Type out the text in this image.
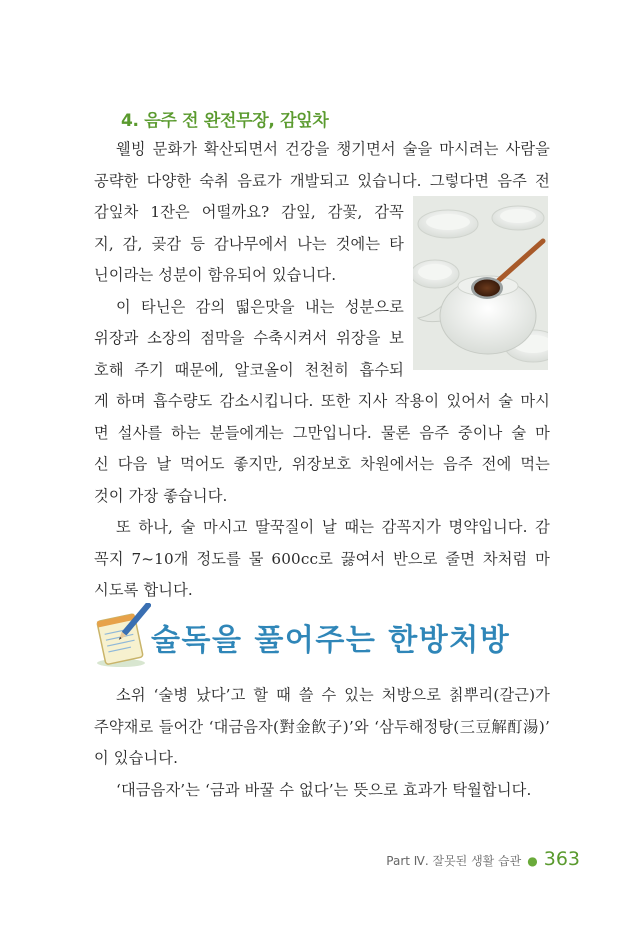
4. 음주 전 완전무장, 감잎차
웰빙 문화가 확산되면서 건강을 챙기면서 술을 마시려는 사람을
공략한 다양한 숙취 음료가 개발되고 있습니다. 그렇다면 음주 전
감잎차 1잔은 어떨까요? 감잎, 감꽃, 감꼭
지, 감, 곶감 등 감나무에서 나는 것에는 타
닌이라는 성분이 함유되어 있습니다.
이 타닌은 감의 떫은맛을 내는 성분으로
위장과 소장의 점막을 수축시켜서 위장을 보
호해 주기 때문에, 알코올이 천천히 흡수되
게 하며 흡수량도 감소시킵니다. 또한 지사 작용이 있어서 술 마시
면 설사를 하는 분들에게는 그만입니다. 물론 음주 중이나 술 마
신 다음 날 먹어도 좋지만, 위장보호 차원에서는 음주 전에 먹는
것이 가장 좋습니다.
또 하나, 술 마시고 딸꾹질이 날 때는 감꼭지가 명약입니다. 감
꼭지 7~10개 정도를 물 600cc로 끓여서 반으로 줄면 차처럼 마
시도록 합니다.
술독을 풀어주는 한방처방
소위 ‘술병 났다’고 할 때 쓸 수 있는 처방으로 칡뿌리(갈근)가
주약재로 들어간 ‘대금음자(對金飮子)’와 ‘삼두해정탕(三豆解酊湯)’
이 있습니다.
‘대금음자’는 ‘금과 바꿀 수 없다’는 뜻으로 효과가 탁월합니다.
Part Ⅳ. 잘못된 생활 습관 ● 363
